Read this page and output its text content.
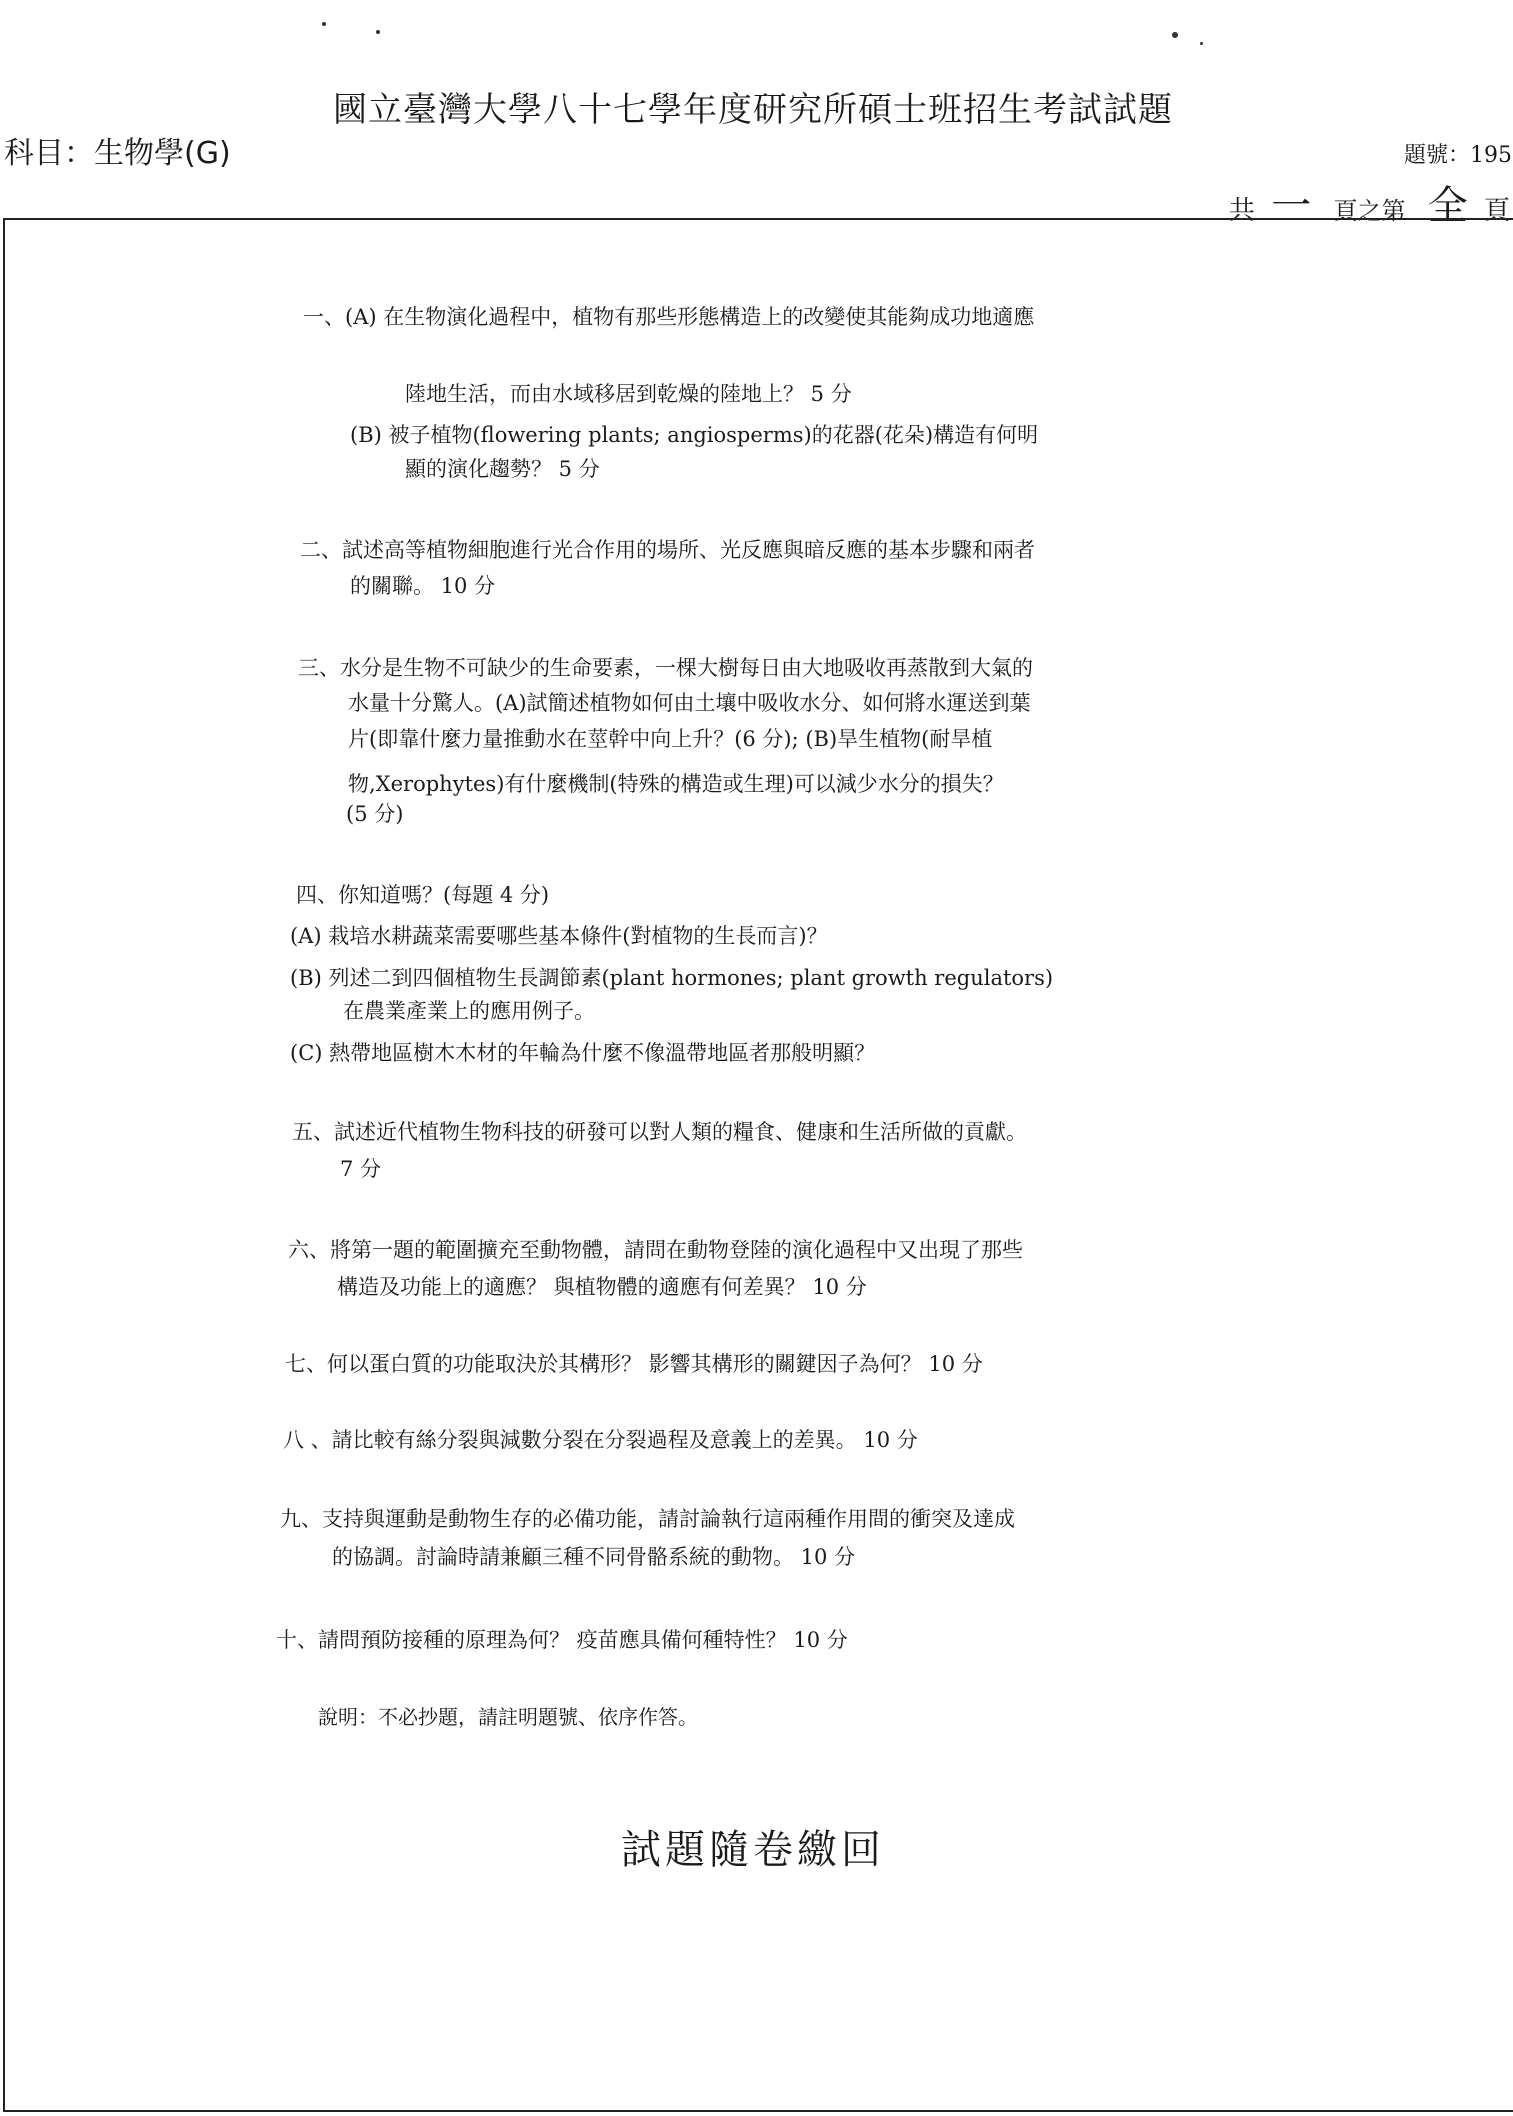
國立臺灣大學八十七學年度研究所碩士班招生考試試題
科目：生物學(G)	題號：195
共 一 頁之第 全 頁
一、(A) 在生物演化過程中，植物有那些形態構造上的改變使其能夠成功地適應
陸地生活，而由水域移居到乾燥的陸地上？ 5 分
(B) 被子植物(flowering plants; angiosperms)的花器(花朵)構造有何明
顯的演化趨勢？ 5 分
二、試述高等植物細胞進行光合作用的場所、光反應與暗反應的基本步驟和兩者
的關聯。 10 分
三、水分是生物不可缺少的生命要素，一棵大樹每日由大地吸收再蒸散到大氣的
水量十分驚人。(A)試簡述植物如何由土壤中吸收水分、如何將水運送到葉
片(即靠什麼力量推動水在莖幹中向上升？(6 分); (B)旱生植物(耐旱植
物,Xerophytes)有什麼機制(特殊的構造或生理)可以減少水分的損失？
(5 分)
四、你知道嗎？(每題 4 分)
(A) 栽培水耕蔬菜需要哪些基本條件(對植物的生長而言)？
(B) 列述二到四個植物生長調節素(plant hormones; plant growth regulators)
在農業產業上的應用例子。
(C) 熱帶地區樹木木材的年輪為什麼不像溫帶地區者那般明顯？
五、試述近代植物生物科技的研發可以對人類的糧食、健康和生活所做的貢獻。
7 分
六、將第一題的範圍擴充至動物體，請問在動物登陸的演化過程中又出現了那些
構造及功能上的適應？ 與植物體的適應有何差異？ 10 分
七、何以蛋白質的功能取決於其構形？ 影響其構形的關鍵因子為何？ 10 分
八 、請比較有絲分裂與減數分裂在分裂過程及意義上的差異。 10 分
九、支持與運動是動物生存的必備功能，請討論執行這兩種作用間的衝突及達成
的協調。討論時請兼顧三種不同骨骼系統的動物。 10 分
十、請問預防接種的原理為何？ 疫苗應具備何種特性？ 10 分
說明：不必抄題，請註明題號、依序作答。
試題隨卷繳回
